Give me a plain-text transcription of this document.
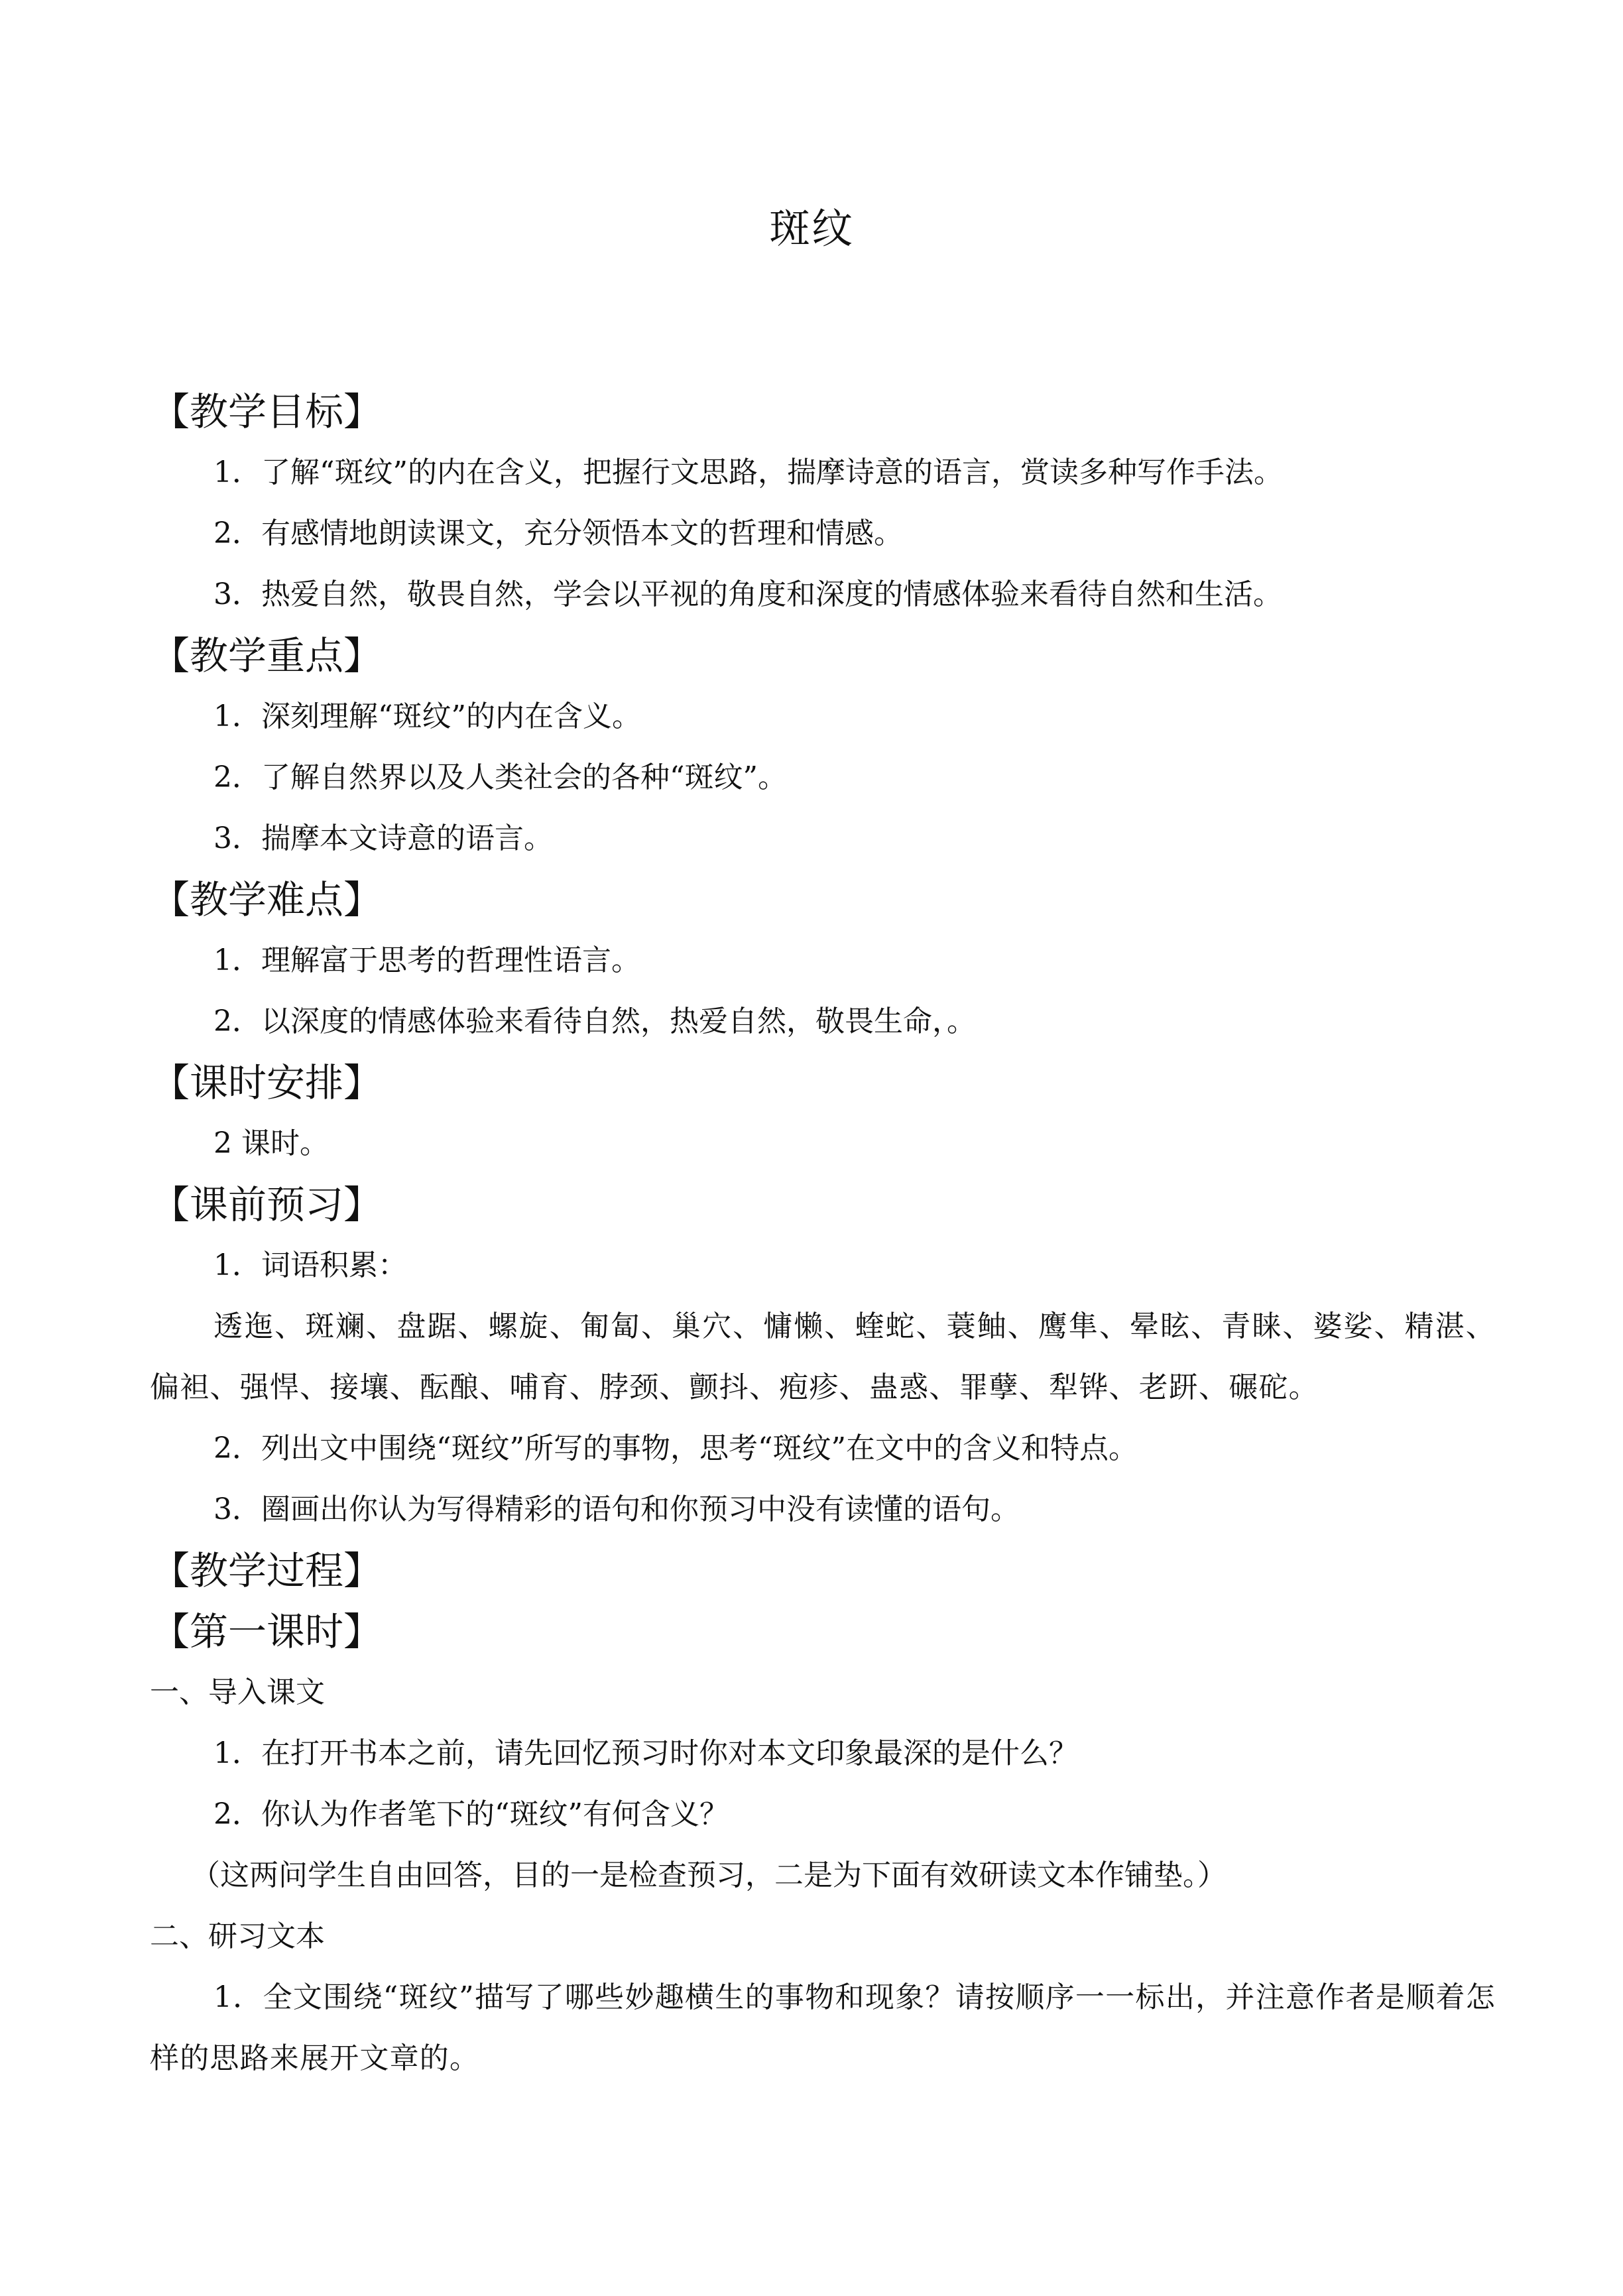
斑纹
【教学目标】
1．了解“斑纹”的内在含义，把握行文思路，揣摩诗意的语言，赏读多种写作手法。
2．有感情地朗读课文，充分领悟本文的哲理和情感。
3．热爱自然，敬畏自然，学会以平视的角度和深度的情感体验来看待自然和生活。
【教学重点】
1．深刻理解“斑纹”的内在含义。
2．了解自然界以及人类社会的各种“斑纹”。
3．揣摩本文诗意的语言。
【教学难点】
1．理解富于思考的哲理性语言。
2．以深度的情感体验来看待自然，热爱自然，敬畏生命，。
【课时安排】
2 课时。
【课前预习】
1．词语积累：
透迤、斑斓、盘踞、螺旋、匍匐、巢穴、慵懒、蝰蛇、蓑鲉、鹰隼、晕眩、青睐、婆娑、精湛、偏袒、强悍、接壤、酝酿、哺育、脖颈、颤抖、疱疹、蛊惑、罪孽、犁铧、老趼、碾砣。
2．列出文中围绕“斑纹”所写的事物，思考“斑纹”在文中的含义和特点。
3．圈画出你认为写得精彩的语句和你预习中没有读懂的语句。
【教学过程】
【第一课时】
一、导入课文
1．在打开书本之前，请先回忆预习时你对本文印象最深的是什么？
2．你认为作者笔下的“斑纹”有何含义？
（这两问学生自由回答，目的一是检查预习，二是为下面有效研读文本作铺垫。）
二、研习文本
1．全文围绕“斑纹”描写了哪些妙趣横生的事物和现象？请按顺序一一标出，并注意作者是顺着怎样的思路来展开文章的。
